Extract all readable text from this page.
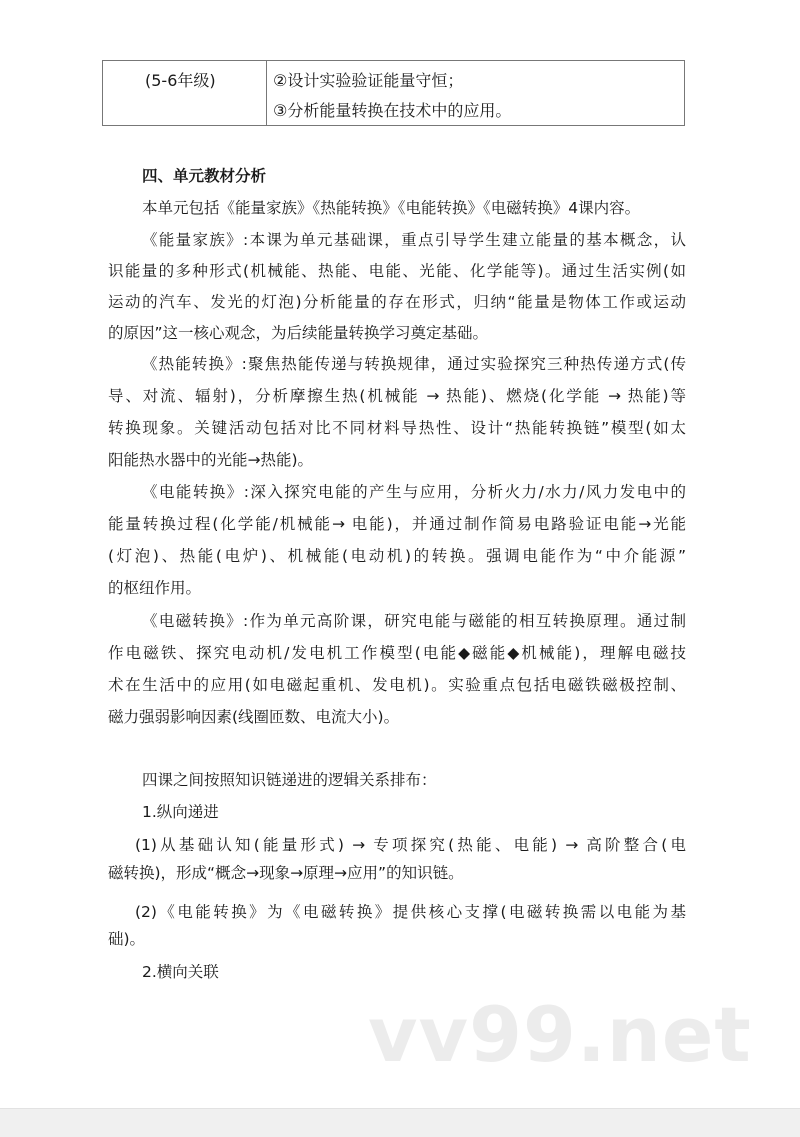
(5-6年级)	②设计实验验证能量守恒；
③分析能量转换在技术中的应用。
四、单元教材分析
本单元包括《能量家族》《热能转换》《电能转换》《电磁转换》4课内容。
《能量家族》:本课为单元基础课，重点引导学生建立能量的基本概念，认
识能量的多种形式(机械能、热能、电能、光能、化学能等)。通过生活实例(如
运动的汽车、发光的灯泡)分析能量的存在形式，归纳“能量是物体工作或运动
的原因”这一核心观念，为后续能量转换学习奠定基础。
《热能转换》:聚焦热能传递与转换规律，通过实验探究三种热传递方式(传
导、对流、辐射)，分析摩擦生热(机械能 → 热能)、燃烧(化学能 → 热能)等
转换现象。关键活动包括对比不同材料导热性、设计“热能转换链”模型(如太
阳能热水器中的光能→热能)。
《电能转换》:深入探究电能的产生与应用，分析火力/水力/风力发电中的
能量转换过程(化学能/机械能→ 电能)，并通过制作简易电路验证电能→光能
(灯泡)、热能(电炉)、机械能(电动机)的转换。强调电能作为“中介能源”
的枢纽作用。
《电磁转换》:作为单元高阶课，研究电能与磁能的相互转换原理。通过制
作电磁铁、探究电动机/发电机工作模型(电能◆磁能◆机械能)，理解电磁技
术在生活中的应用(如电磁起重机、发电机)。实验重点包括电磁铁磁极控制、
磁力强弱影响因素(线圈匝数、电流大小)。
四课之间按照知识链递进的逻辑关系排布：
1.纵向递进
(1)从基础认知(能量形式) → 专项探究(热能、电能) → 高阶整合(电
磁转换)，形成“概念→现象→原理→应用”的知识链。
(2)《电能转换》为《电磁转换》提供核心支撑(电磁转换需以电能为基
础)。
2.横向关联
vv99.net
